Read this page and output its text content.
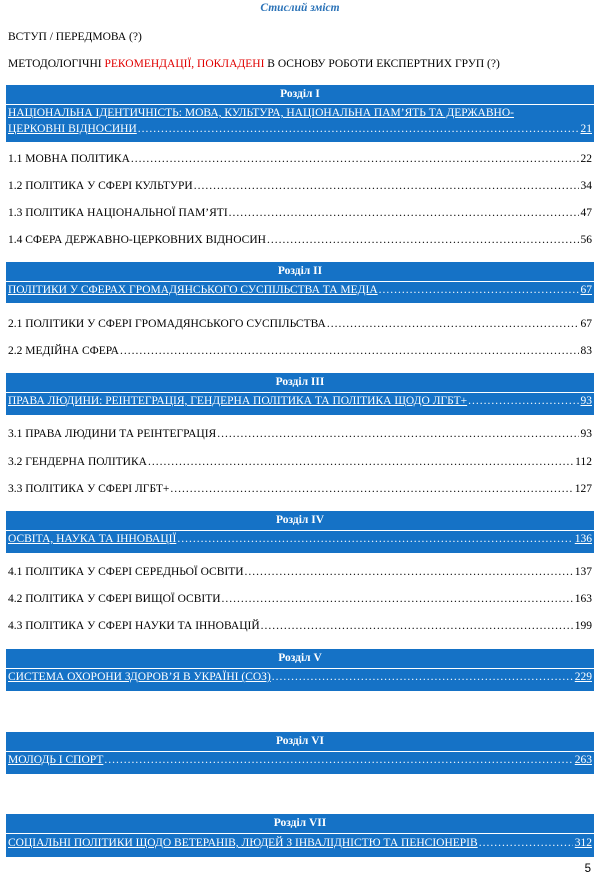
Стислий зміст
ВСТУП / ПЕРЕДМОВА (?)
МЕТОДОЛОГІЧНІ РЕКОМЕНДАЦІЇ, ПОКЛАДЕНІ В ОСНОВУ РОБОТИ ЕКСПЕРТНИХ ГРУП (?)
Розділ І
НАЦІОНАЛЬНА ІДЕНТИЧНІСТЬ: МОВА, КУЛЬТУРА, НАЦІОНАЛЬНА ПАМ’ЯТЬ ТА ДЕРЖАВНО-
ЦЕРКОВНІ ВІДНОСИНИ .....	21
1.1 МОВНА ПОЛІТИКА .....	22
1.2 ПОЛІТИКА У СФЕРІ КУЛЬТУРИ .....	34
1.3 ПОЛІТИКА НАЦІОНАЛЬНОЇ ПАМ’ЯТІ .....	47
1.4 СФЕРА ДЕРЖАВНО-ЦЕРКОВНИХ ВІДНОСИН .....	56
Розділ ІІ
ПОЛІТИКИ У СФЕРАХ ГРОМАДЯНСЬКОГО СУСПІЛЬСТВА ТА МЕДІА .....	67
2.1 ПОЛІТИКИ У СФЕРІ ГРОМАДЯНСЬКОГО СУСПІЛЬСТВА .....	67
2.2 МЕДІЙНА СФЕРА .....	83
Розділ ІІІ
ПРАВА ЛЮДИНИ: РЕІНТЕГРАЦІЯ, ГЕНДЕРНА ПОЛІТИКА ТА ПОЛІТИКА ЩОДО ЛГБТ+ .....	93
3.1 ПРАВА ЛЮДИНИ ТА РЕІНТЕГРАЦІЯ .....	93
3.2 ГЕНДЕРНА ПОЛІТИКА .....	112
3.3 ПОЛІТИКА У СФЕРІ ЛГБТ+ .....	127
Розділ IV
ОСВІТА, НАУКА ТА ІННОВАЦІЇ .....	136
4.1 ПОЛІТИКА У СФЕРІ СЕРЕДНЬОЇ ОСВІТИ .....	137
4.2 ПОЛІТИКА У СФЕРІ ВИЩОЇ ОСВІТИ .....	163
4.3 ПОЛІТИКА У СФЕРІ НАУКИ ТА ІННОВАЦІЙ .....	199
Розділ V
СИСТЕМА ОХОРОНИ ЗДОРОВ’Я В УКРАЇНІ (СОЗ) .....	229
Розділ VI
МОЛОДЬ І СПОРТ .....	263
Розділ VII
СОЦІАЛЬНІ ПОЛІТИКИ ЩОДО ВЕТЕРАНІВ, ЛЮДЕЙ З ІНВАЛІДНІСТЮ ТА ПЕНСІОНЕРІВ .....	312
5
